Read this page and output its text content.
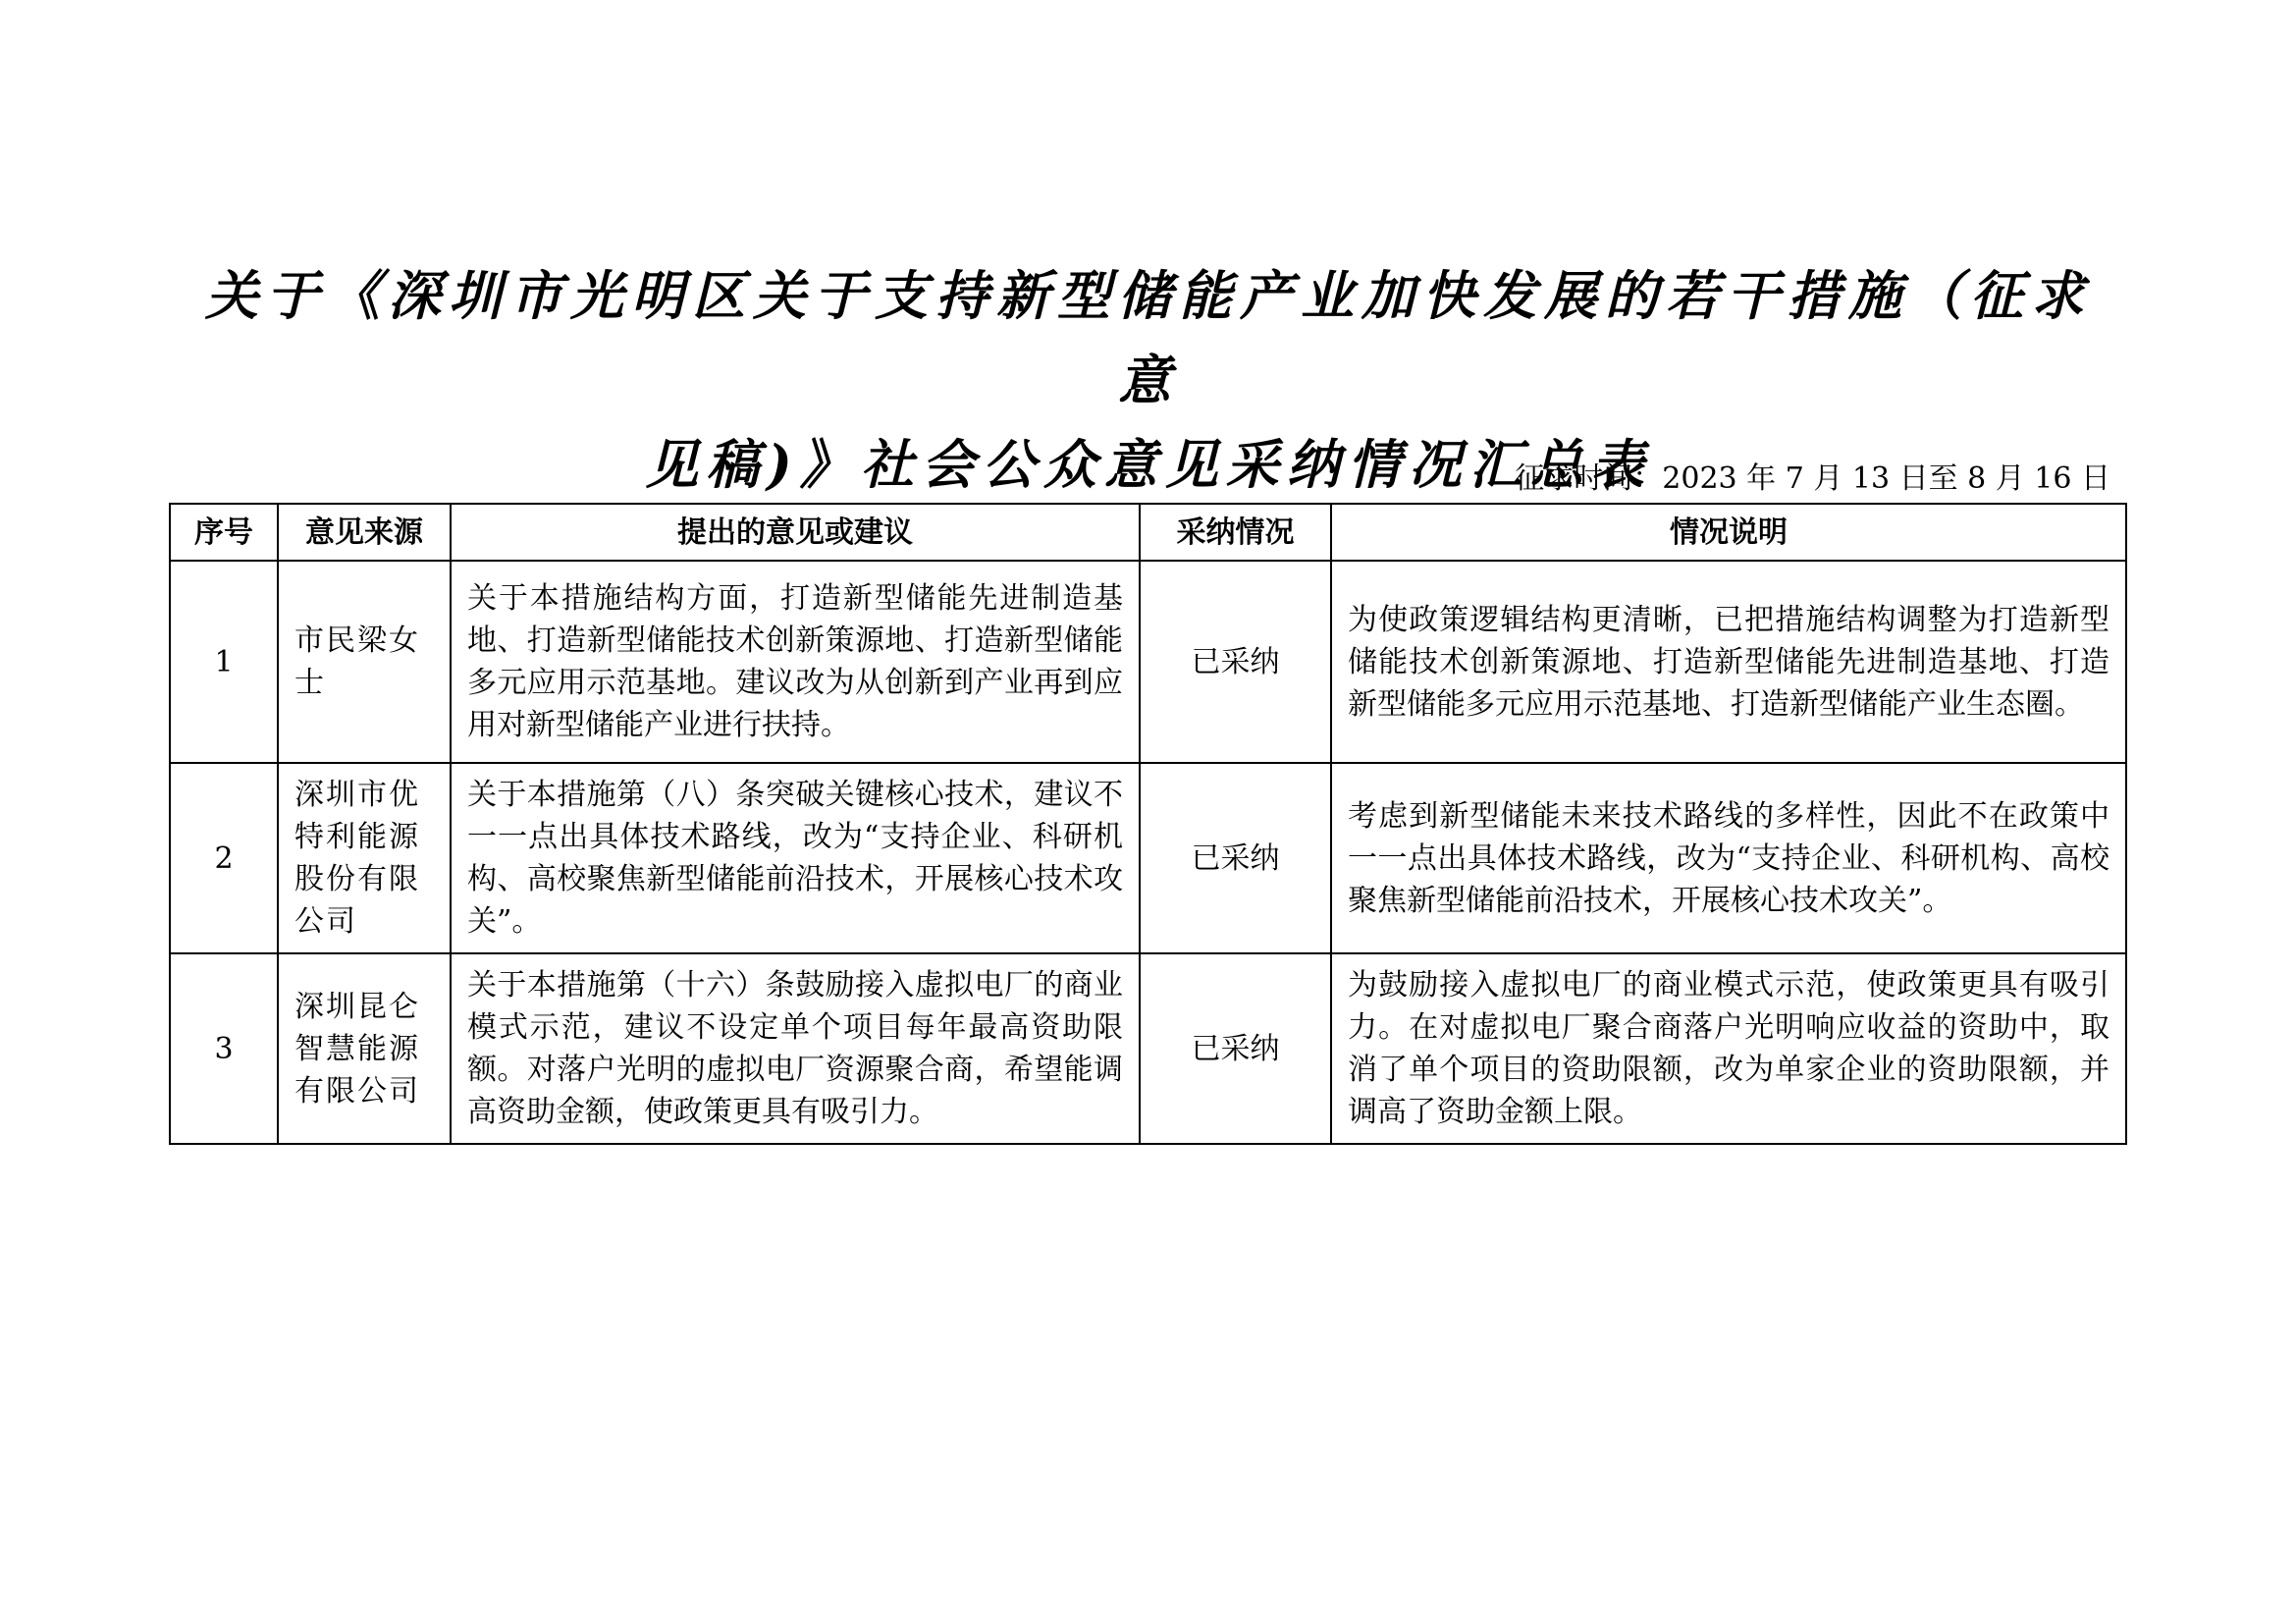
关于《深圳市光明区关于支持新型储能产业加快发展的若干措施（征求意
见稿)》社会公众意见采纳情况汇总表
征求时间：2023 年 7 月 13 日至 8 月 16 日
序号	意见来源	提出的意见或建议	采纳情况	情况说明
1	市民梁女士	关于本措施结构方面，打造新型储能先进制造基地、打造新型储能技术创新策源地、打造新型储能多元应用示范基地。建议改为从创新到产业再到应用对新型储能产业进行扶持。	已采纳	为使政策逻辑结构更清晰，已把措施结构调整为打造新型储能技术创新策源地、打造新型储能先进制造基地、打造新型储能多元应用示范基地、打造新型储能产业生态圈。
2	深圳市优特利能源股份有限公司	关于本措施第（八）条突破关键核心技术，建议不一一点出具体技术路线，改为“支持企业、科研机构、高校聚焦新型储能前沿技术，开展核心技术攻关”。	已采纳	考虑到新型储能未来技术路线的多样性，因此不在政策中一一点出具体技术路线，改为“支持企业、科研机构、高校聚焦新型储能前沿技术，开展核心技术攻关”。
3	深圳昆仑智慧能源有限公司	关于本措施第（十六）条鼓励接入虚拟电厂的商业模式示范，建议不设定单个项目每年最高资助限额。对落户光明的虚拟电厂资源聚合商，希望能调高资助金额，使政策更具有吸引力。	已采纳	为鼓励接入虚拟电厂的商业模式示范，使政策更具有吸引力。在对虚拟电厂聚合商落户光明响应收益的资助中，取消了单个项目的资助限额，改为单家企业的资助限额，并调高了资助金额上限。
